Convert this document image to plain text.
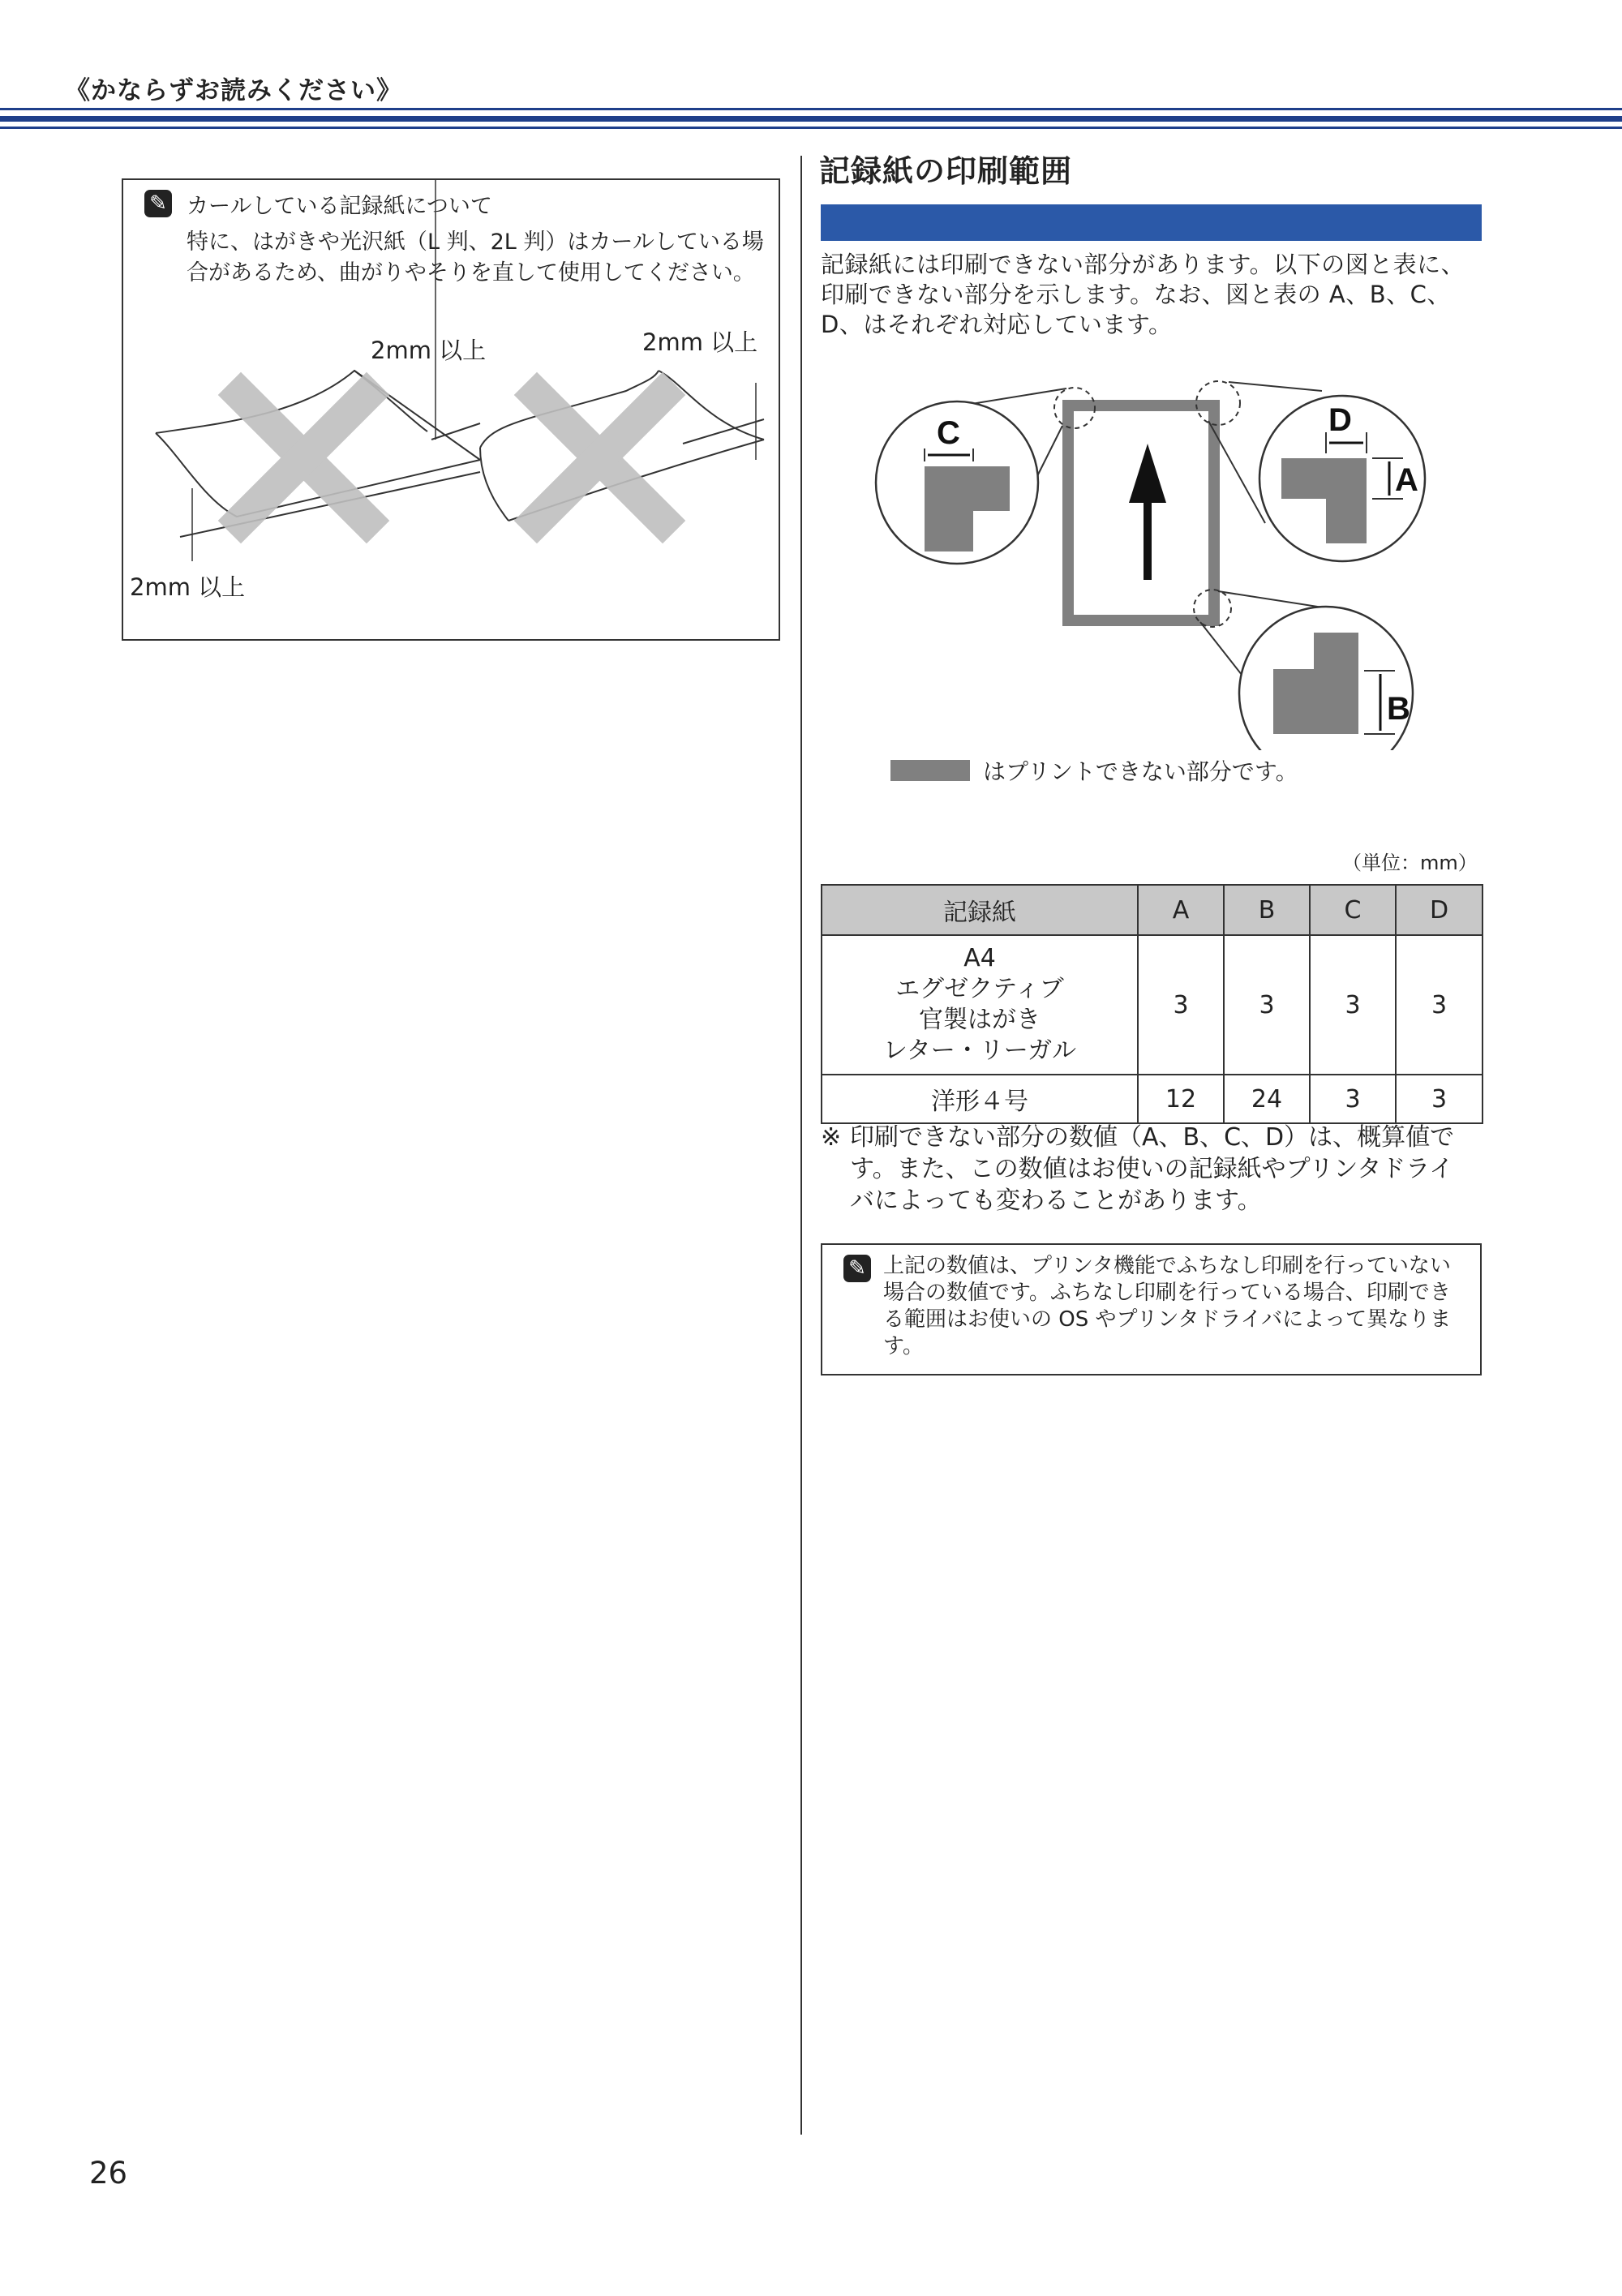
《かならずお読みください》
✎ カールしている記録紙について
特に、はがきや光沢紙（L 判、2L 判）はカールしている場合があるため、曲がりやそりを直して使用してください。
2mm 以上	2mm 以上
2mm 以上
記録紙の印刷範囲
記録紙には印刷できない部分があります。以下の図と表に、印刷できない部分を示します。なお、図と表の A、B、C、D、はそれぞれ対応しています。
C	D
A
B
はプリントできない部分です。
（単位：mm）
記録紙	A	B	C	D

A4
エグゼクティブ
官製はがき
レター・リーガル	3	3	3	3
洋形４号	12	24	3	3
※ 印刷できない部分の数値（A、B、C、D）は、概算値です。また、この数値はお使いの記録紙やプリンタドライバによっても変わることがあります。
✎ 上記の数値は、プリンタ機能でふちなし印刷を行っていない場合の数値です。ふちなし印刷を行っている場合、印刷できる範囲はお使いの OS やプリンタドライバによって異なります。
26
